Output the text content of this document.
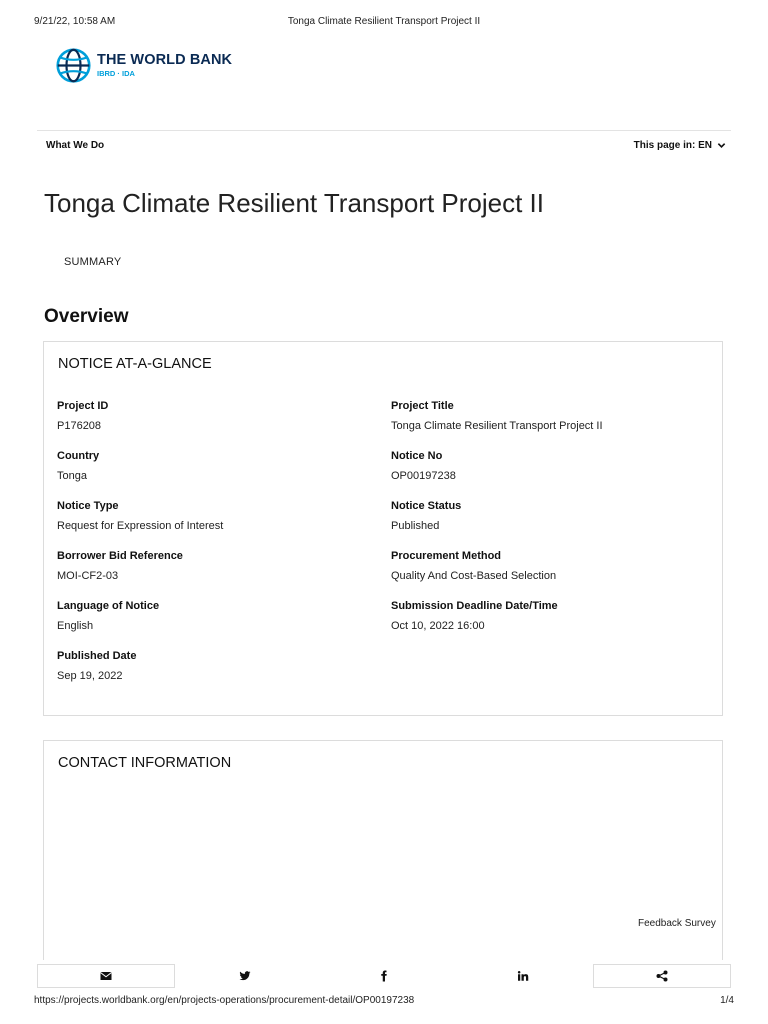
9/21/22, 10:58 AM	Tonga Climate Resilient Transport Project II
THE WORLD BANK
IBRD · IDA
What We Do	This page in: EN
Tonga Climate Resilient Transport Project II
SUMMARY
Overview
NOTICE AT-A-GLANCE
Project ID
P176208
Project Title
Tonga Climate Resilient Transport Project II
Country
Tonga
Notice No
OP00197238
Notice Type
Request for Expression of Interest
Notice Status
Published
Borrower Bid Reference
MOI-CF2-03
Procurement Method
Quality And Cost-Based Selection
Language of Notice
English
Submission Deadline Date/Time
Oct 10, 2022 16:00
Published Date
Sep 19, 2022
CONTACT INFORMATION
Feedback Survey
https://projects.worldbank.org/en/projects-operations/procurement-detail/OP00197238	1/4
